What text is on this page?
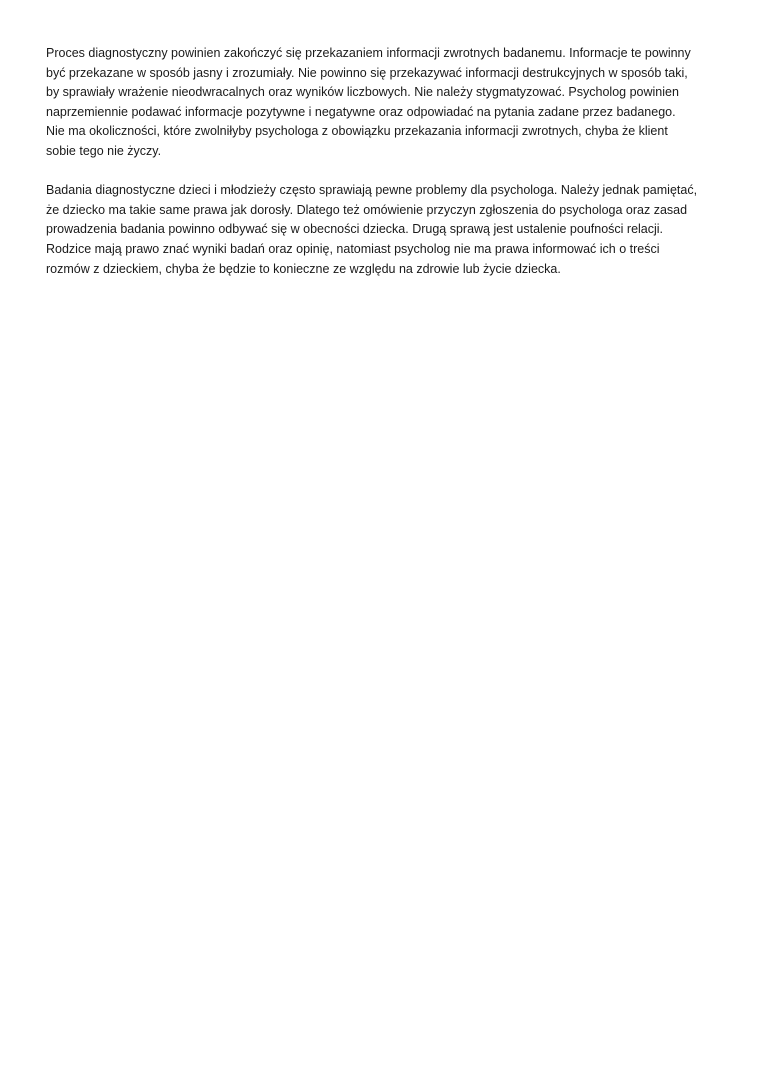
Proces diagnostyczny powinien zakończyć się przekazaniem informacji zwrotnych badanemu. Informacje te powinny
być przekazane w sposób jasny i zrozumiały. Nie powinno się przekazywać informacji destrukcyjnych w sposób taki,
by sprawiały wrażenie nieodwracalnych oraz wyników liczbowych. Nie należy stygmatyzować. Psycholog powinien
naprzemiennie podawać informacje pozytywne i negatywne oraz odpowiadać na pytania zadane przez badanego.
Nie ma okoliczności, które zwolniłyby psychologa z obowiązku przekazania informacji zwrotnych, chyba że klient
sobie tego nie życzy.

Badania diagnostyczne dzieci i młodzieży często sprawiają pewne problemy dla psychologa. Należy jednak pamiętać,
że dziecko ma takie same prawa jak dorosły. Dlatego też omówienie przyczyn zgłoszenia do psychologa oraz zasad
prowadzenia badania powinno odbywać się w obecności dziecka. Drugą sprawą jest ustalenie poufności relacji.
Rodzice mają prawo znać wyniki badań oraz opinię, natomiast psycholog nie ma prawa informować ich o treści
rozmów z dzieckiem, chyba że będzie to konieczne ze względu na zdrowie lub życie dziecka.
